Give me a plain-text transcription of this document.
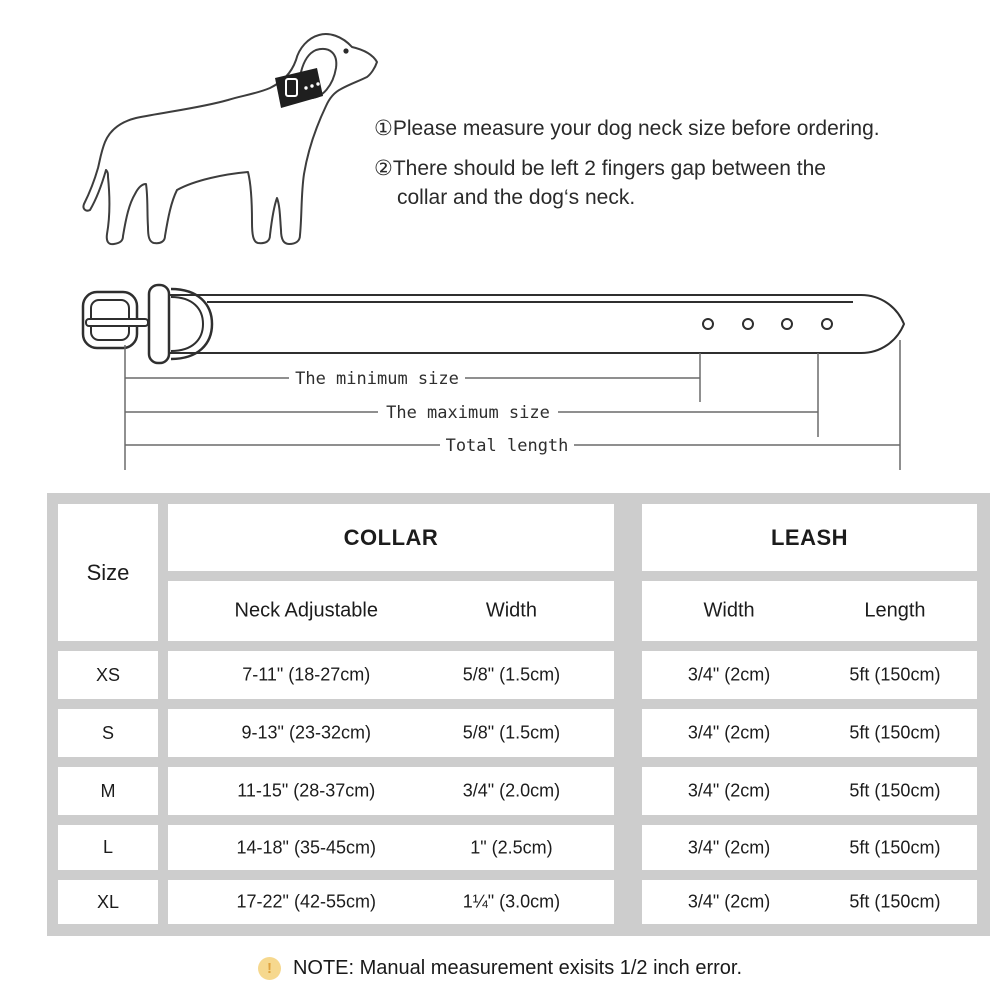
①Please measure your dog neck size before ordering.
②There should be left 2 fingers gap between the
collar and the dog‘s neck.
The minimum size
The maximum size
Total length
Size
COLLAR	LEASH
Neck Adjustable	Width	Width	Length
XS	7-11" (18-27cm)	5/8" (1.5cm)	3/4" (2cm)	5ft (150cm)
S	9-13" (23-32cm)	5/8" (1.5cm)	3/4" (2cm)	5ft (150cm)
M	11-15" (28-37cm)	3/4" (2.0cm)	3/4" (2cm)	5ft (150cm)
L	14-18" (35-45cm)	1" (2.5cm)	3/4" (2cm)	5ft (150cm)
XL	17-22" (42-55cm)	1¼" (3.0cm)	3/4" (2cm)	5ft (150cm)
!	NOTE: Manual measurement exisits 1/2 inch error.
